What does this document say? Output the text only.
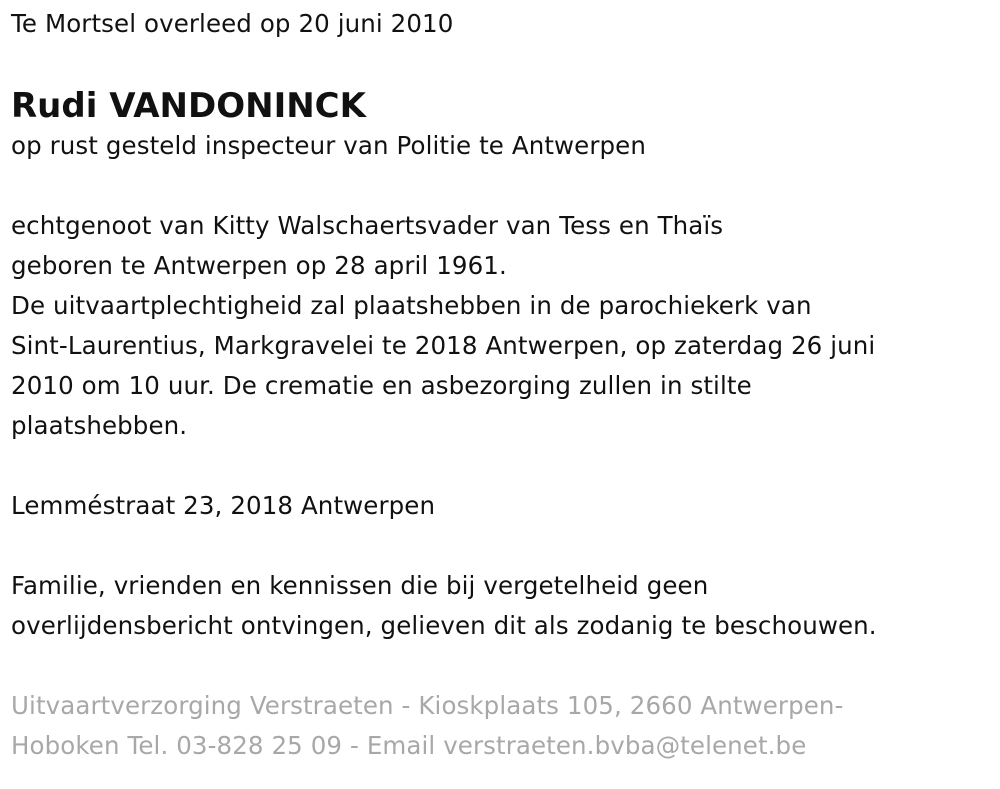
Te Mortsel overleed op 20 juni 2010
Rudi VANDONINCK
op rust gesteld inspecteur van Politie te Antwerpen
echtgenoot van Kitty Walschaertsvader van Tess en Thaïs
geboren te Antwerpen op 28 april 1961.
De uitvaartplechtigheid zal plaatshebben in de parochiekerk van
Sint-Laurentius, Markgravelei te 2018 Antwerpen, op zaterdag 26 juni
2010 om 10 uur. De crematie en asbezorging zullen in stilte
plaatshebben.
Lemméstraat 23, 2018 Antwerpen
Familie, vrienden en kennissen die bij vergetelheid geen
overlijdensbericht ontvingen, gelieven dit als zodanig te beschouwen.
Uitvaartverzorging Verstraeten - Kioskplaats 105, 2660 Antwerpen-
Hoboken Tel. 03-828 25 09 - Email verstraeten.bvba@telenet.be
